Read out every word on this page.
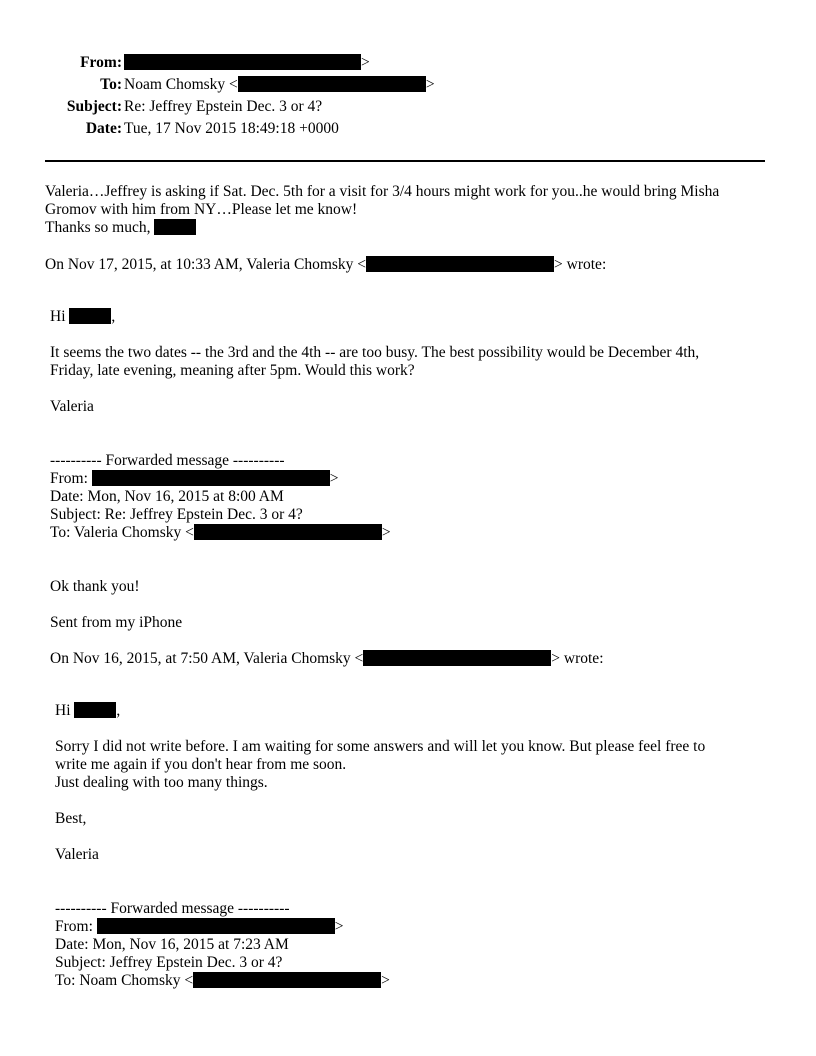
From:	>
To: Noam Chomsky <	>
Subject: Re: Jeffrey Epstein Dec. 3 or 4?
Date: Tue, 17 Nov 2015 18:49:18 +0000
Valeria…Jeffrey is asking if Sat. Dec. 5th for a visit for 3/4 hours might work for you..he would bring Misha
Gromov with him from NY…Please let me know!
Thanks so much,
On Nov 17, 2015, at 10:33 AM, Valeria Chomsky <	> wrote:
Hi	,
It seems the two dates -- the 3rd and the 4th -- are too busy. The best possibility would be December 4th,
Friday, late evening, meaning after 5pm. Would this work?
Valeria
---------- Forwarded message ----------
From:	>
Date: Mon, Nov 16, 2015 at 8:00 AM
Subject: Re: Jeffrey Epstein Dec. 3 or 4?
To: Valeria Chomsky <	>
Ok thank you!
Sent from my iPhone
On Nov 16, 2015, at 7:50 AM, Valeria Chomsky <	> wrote:
Hi	,
Sorry I did not write before. I am waiting for some answers and will let you know. But please feel free to
write me again if you don't hear from me soon.
Just dealing with too many things.
Best,
Valeria
---------- Forwarded message ----------
From:	>
Date: Mon, Nov 16, 2015 at 7:23 AM
Subject: Jeffrey Epstein Dec. 3 or 4?
To: Noam Chomsky <	>
